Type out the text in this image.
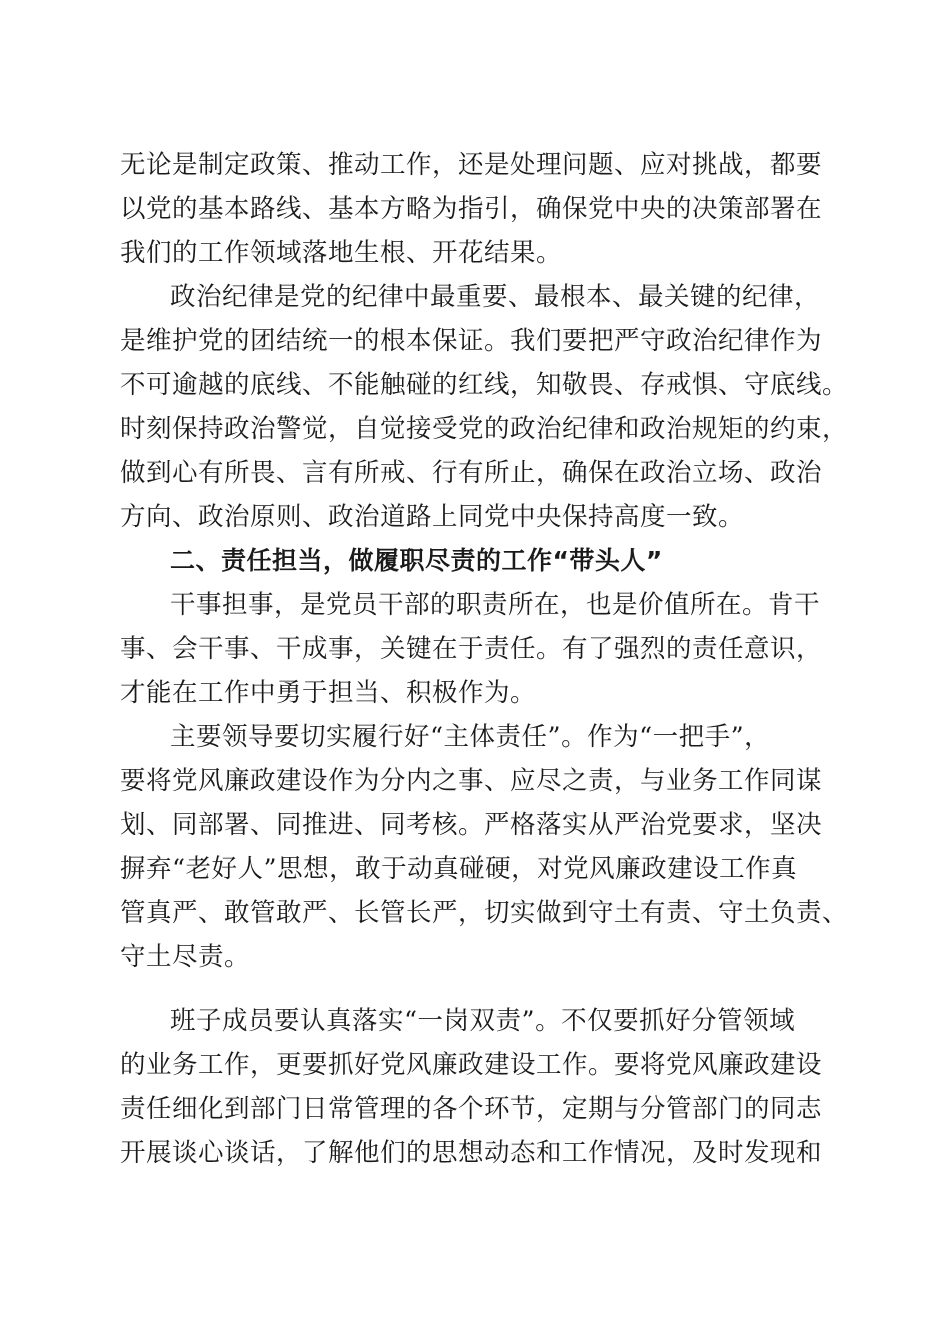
无论是制定政策、推动工作，还是处理问题、应对挑战，都要
以党的基本路线、基本方略为指引，确保党中央的决策部署在
我们的工作领域落地生根、开花结果。
政治纪律是党的纪律中最重要、最根本、最关键的纪律，
是维护党的团结统一的根本保证。我们要把严守政治纪律作为
不可逾越的底线、不能触碰的红线，知敬畏、存戒惧、守底线。
时刻保持政治警觉，自觉接受党的政治纪律和政治规矩的约束，
做到心有所畏、言有所戒、行有所止，确保在政治立场、政治
方向、政治原则、政治道路上同党中央保持高度一致。
二、责任担当，做履职尽责的工作“带头人”
干事担事，是党员干部的职责所在，也是价值所在。肯干
事、会干事、干成事，关键在于责任。有了强烈的责任意识，
才能在工作中勇于担当、积极作为。
主要领导要切实履行好“主体责任”。作为“一把手”，
要将党风廉政建设作为分内之事、应尽之责，与业务工作同谋
划、同部署、同推进、同考核。严格落实从严治党要求，坚决
摒弃“老好人”思想，敢于动真碰硬，对党风廉政建设工作真
管真严、敢管敢严、长管长严，切实做到守土有责、守土负责、
守土尽责。
班子成员要认真落实“一岗双责”。不仅要抓好分管领域
的业务工作，更要抓好党风廉政建设工作。要将党风廉政建设
责任细化到部门日常管理的各个环节，定期与分管部门的同志
开展谈心谈话，了解他们的思想动态和工作情况，及时发现和
